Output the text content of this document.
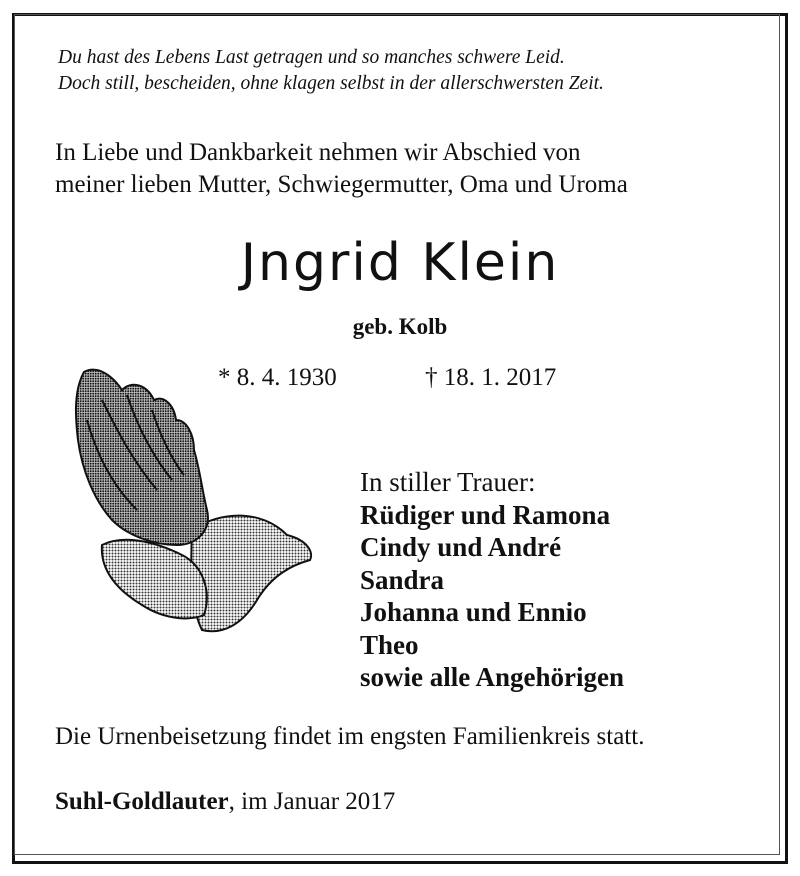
Du hast des Lebens Last getragen und so manches schwere Leid.
Doch still, bescheiden, ohne klagen selbst in der allerschwersten Zeit.
In Liebe und Dankbarkeit nehmen wir Abschied von
meiner lieben Mutter, Schwiegermutter, Oma und Uroma
Jngrid Klein
geb. Kolb
* 8. 4. 1930	† 18. 1. 2017
In stiller Trauer:
Rüdiger und Ramona
Cindy und André
Sandra
Johanna und Ennio
Theo
sowie alle Angehörigen
Die Urnenbeisetzung findet im engsten Familienkreis statt.
Suhl-Goldlauter, im Januar 2017
